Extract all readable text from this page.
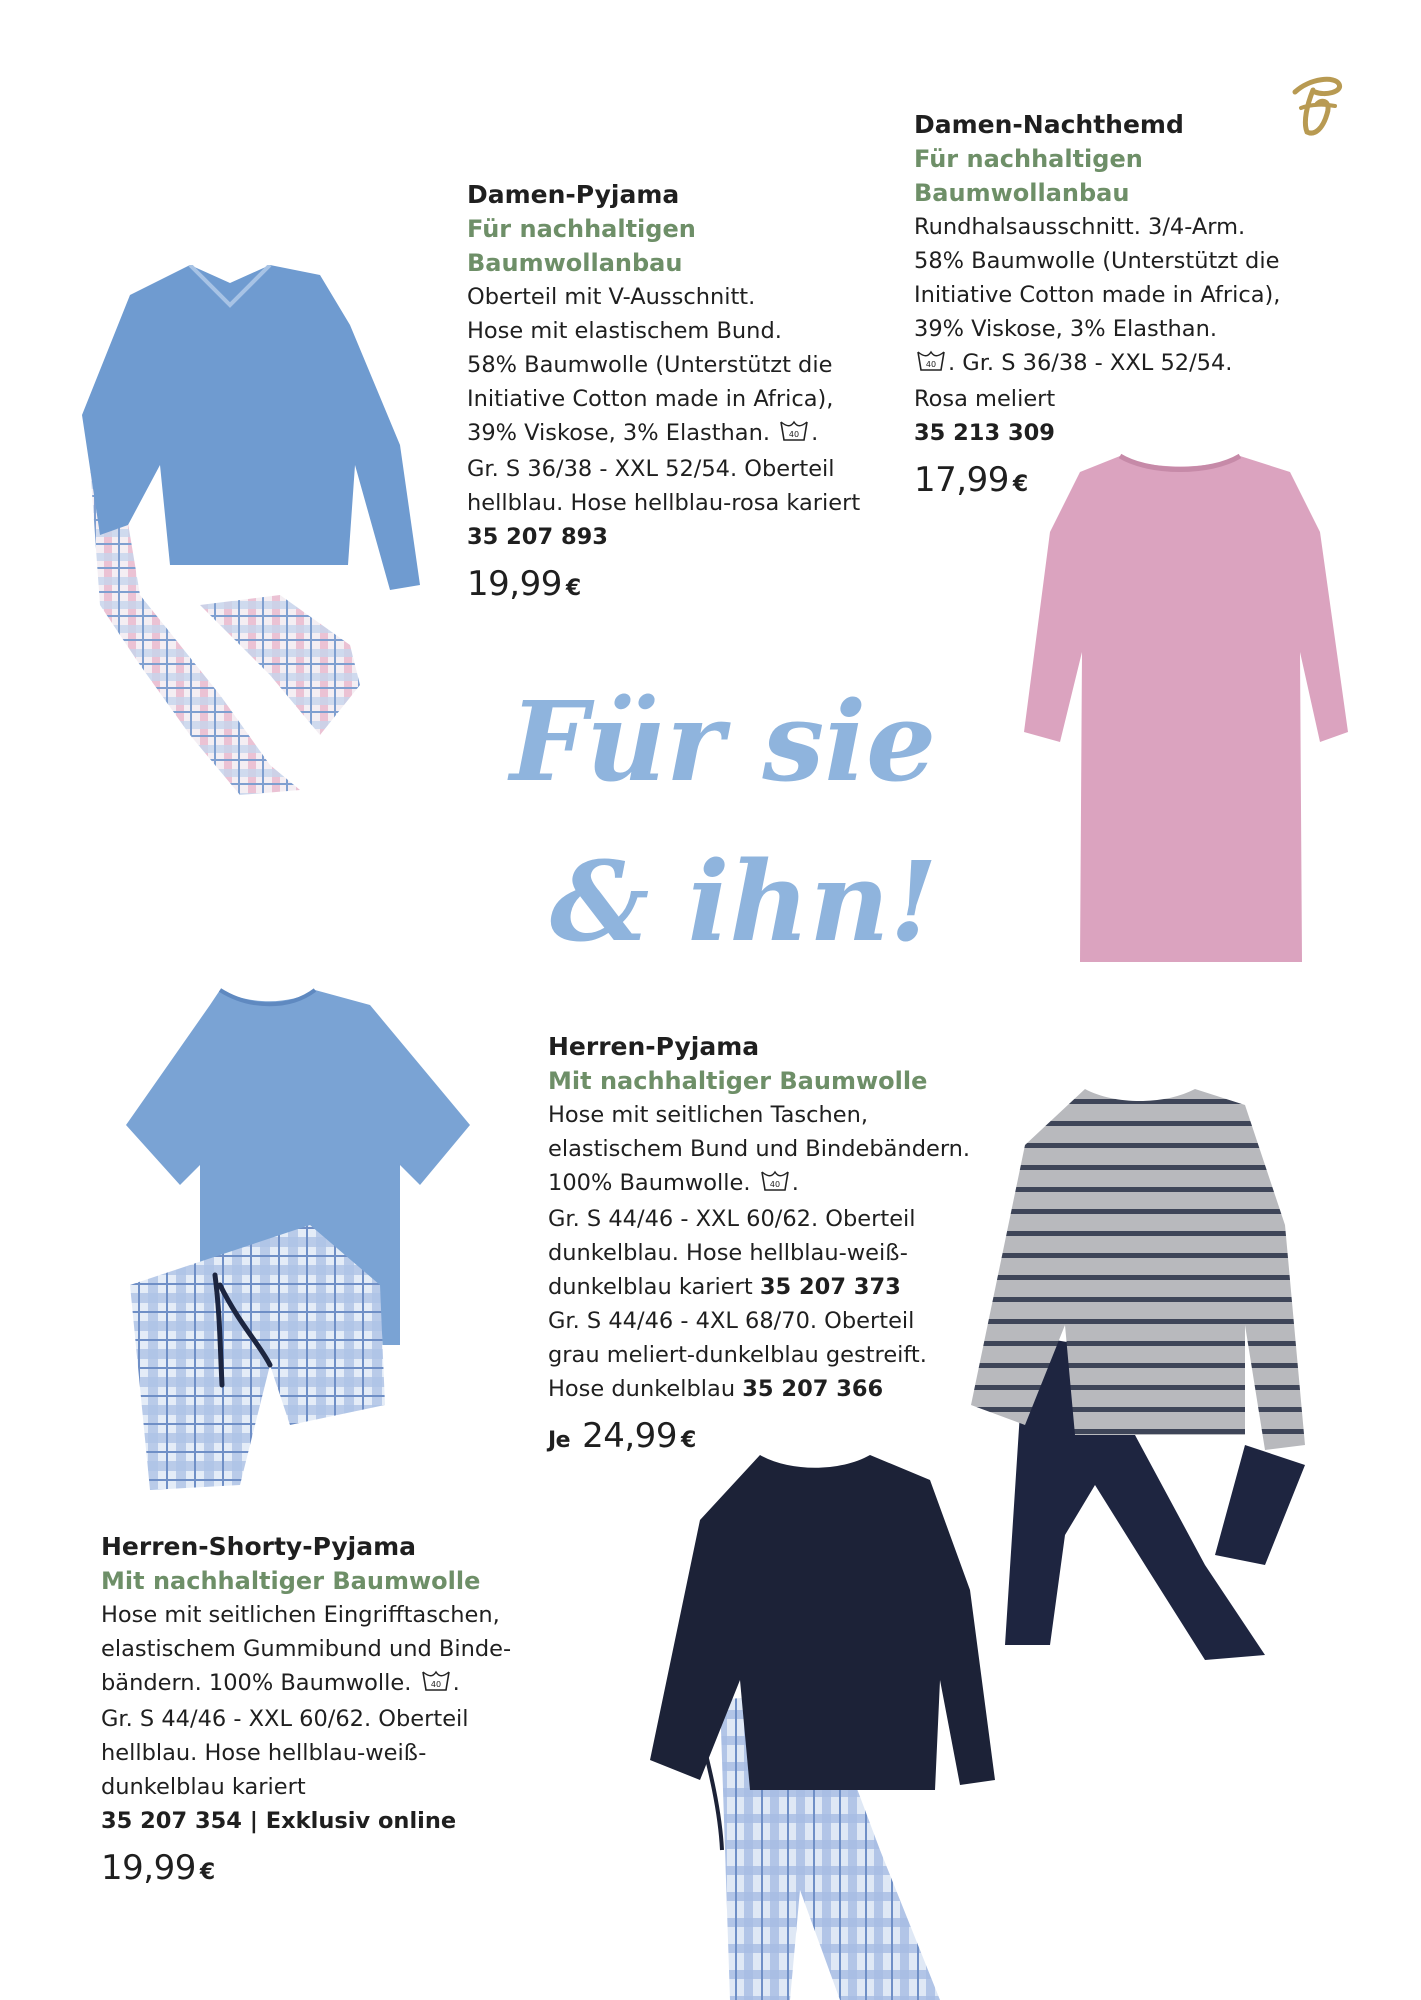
Damen-Pyjama
Für nachhaltigen
Baumwollanbau
Oberteil mit V-Ausschnitt.
Hose mit elastischem Bund.
58% Baumwolle (Unterstützt die
Initiative Cotton made in Africa),
39% Viskose, 3% Elasthan. 40 .
Gr. S 36/38 - XXL 52/54. Oberteil
hellblau. Hose hellblau-rosa kariert
35 207 893
19,99 €
Damen-Nachthemd
Für nachhaltigen
Baumwollanbau
Rundhalsausschnitt. 3/4-Arm.
58% Baumwolle (Unterstützt die
Initiative Cotton made in Africa),
39% Viskose, 3% Elasthan.
40 . Gr. S 36/38 - XXL 52/54.
Rosa meliert
35 213 309
17,99 €
Für sie
& ihn!
Herren-Pyjama
Mit nachhaltiger Baumwolle
Hose mit seitlichen Taschen,
elastischem Bund und Bindebändern.
100% Baumwolle. 40 .
Gr. S 44/46 - XXL 60/62. Oberteil
dunkelblau. Hose hellblau-weiß-
dunkelblau kariert 35 207 373
Gr. S 44/46 - 4XL 68/70. Oberteil
grau meliert-dunkelblau gestreift.
Hose dunkelblau 35 207 366
Je 24,99 €
Herren-Shorty-Pyjama
Mit nachhaltiger Baumwolle
Hose mit seitlichen Eingrifftaschen,
elastischem Gummibund und Binde-
bändern. 100% Baumwolle. 40 .
Gr. S 44/46 - XXL 60/62. Oberteil
hellblau. Hose hellblau-weiß-
dunkelblau kariert
35 207 354 | Exklusiv online
19,99 €
